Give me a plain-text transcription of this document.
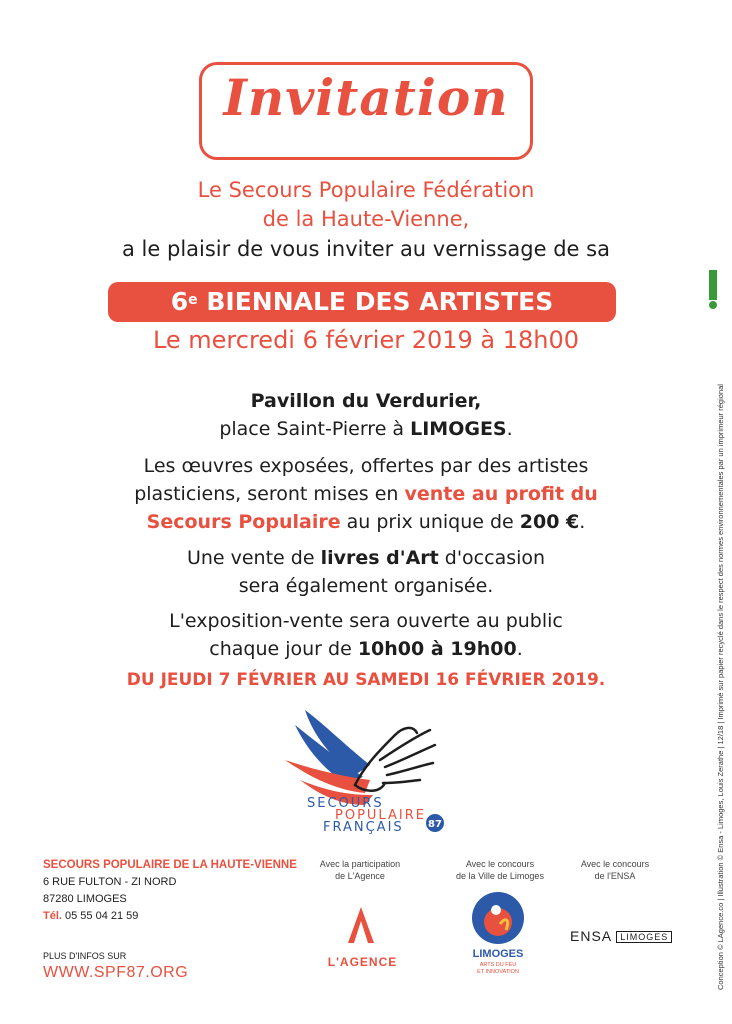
Invitation
Le Secours Populaire Fédération
de la Haute-Vienne,
a le plaisir de vous inviter au vernissage de sa
6e BIENNALE DES ARTISTES
Le mercredi 6 février 2019 à 18h00
Pavillon du Verdurier,
place Saint-Pierre à LIMOGES.
Les œuvres exposées, offertes par des artistes
plasticiens, seront mises en vente au profit du
Secours Populaire au prix unique de 200 €.
Une vente de livres d'Art d'occasion
sera également organisée.
L'exposition-vente sera ouverte au public
chaque jour de 10h00 à 19h00.
DU JEUDI 7 FÉVRIER AU SAMEDI 16 FÉVRIER 2019.
SECOURS
POPULAIRE
FRANÇAIS 87
SECOURS POPULAIRE DE LA HAUTE-VIENNE
6 RUE FULTON - ZI NORD
87280 LIMOGES
Tél. 05 55 04 21 59
PLUS D'INFOS SUR
WWW.SPF87.ORG
Avec la participation
de L'Agence
L'AGENCE
Avec le concours
de la Ville de Limoges
LIMOGES
ARTS DU FEU
ET INNOVATION
Avec le concours
de l'ENSA
ENSA LIMOGES	Conception © LAgence.co | Illustration © Ensa - Limoges, Louis Zerathe | 12/18 | Imprimé sur papier recyclé dans le respect des normes environnementales par un imprimeur régional
